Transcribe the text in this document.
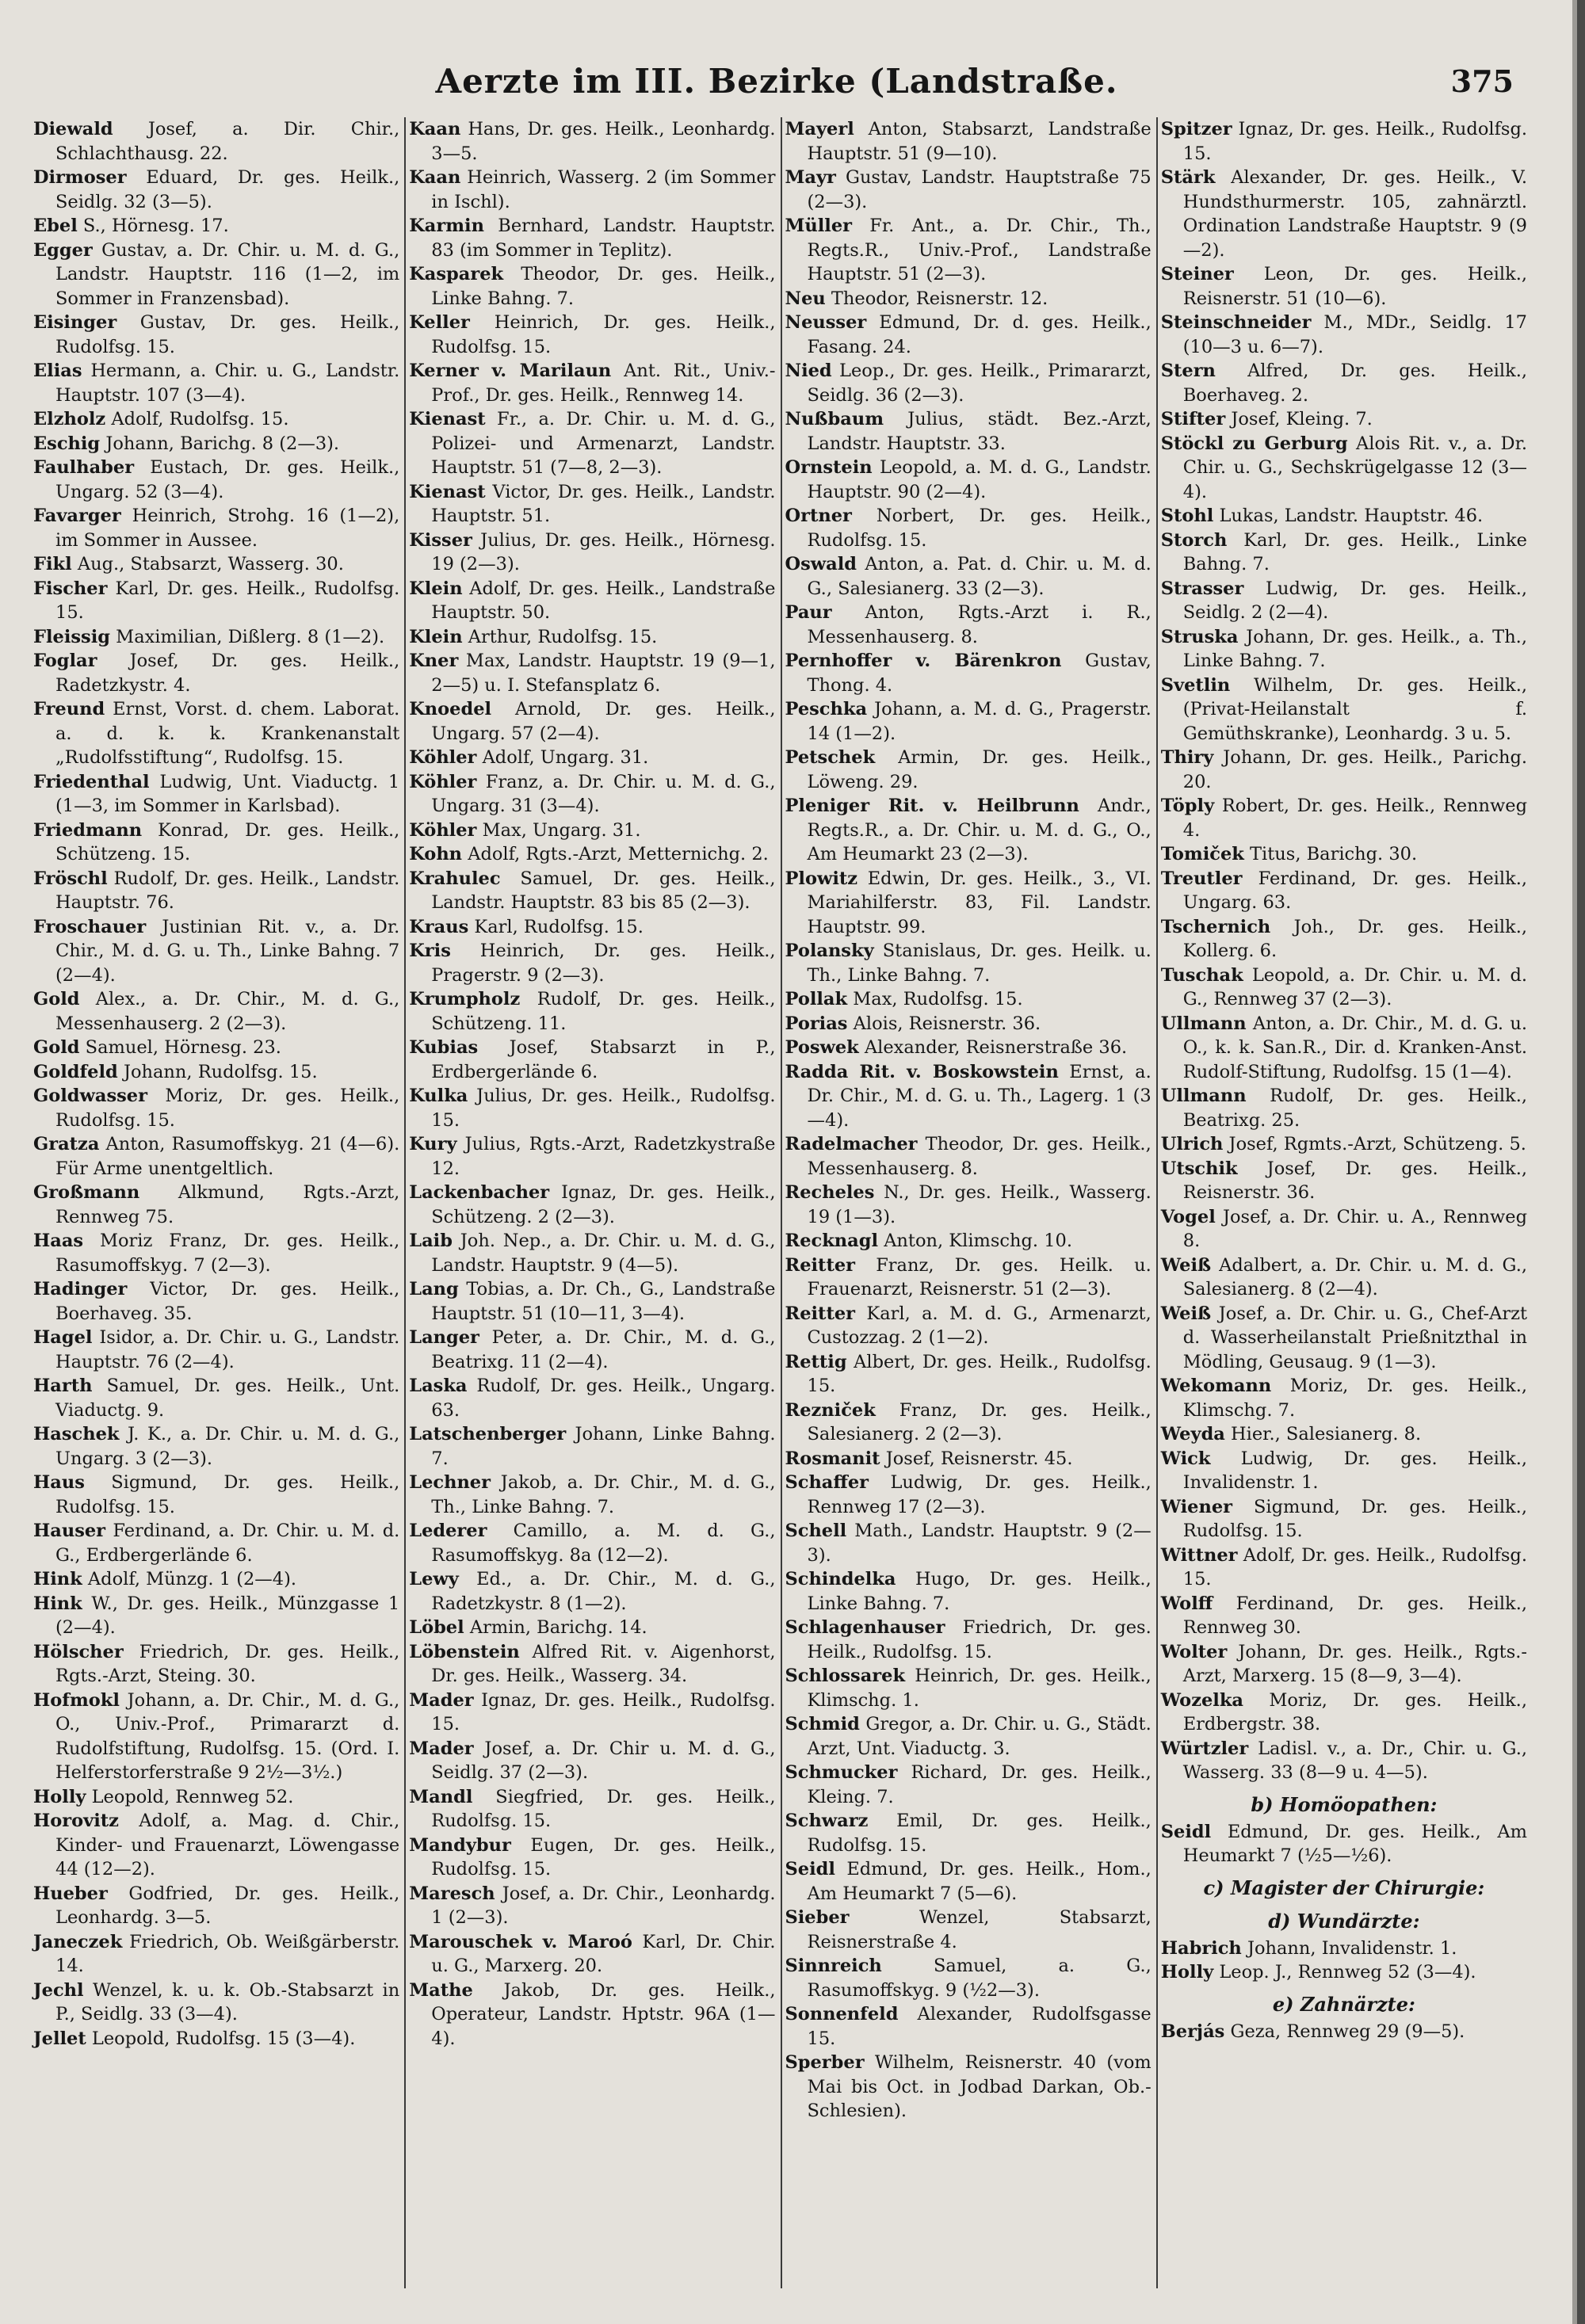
Aerzte im III. Bezirke (Landstraße.	375

Diewald Josef, a. Dir. Chir., Schlachthausg. 22.

Dirmoser Eduard, Dr. ges. Heilk., Seidlg. 32 (3—5).

Ebel S., Hörnesg. 17.

Egger Gustav, a. Dr. Chir. u. M. d. G., Landstr. Hauptstr. 116 (1—2, im Sommer in Franzensbad).

Eisinger Gustav, Dr. ges. Heilk., Rudolfsg. 15.

Elias Hermann, a. Chir. u. G., Landstr. Hauptstr. 107 (3—4).

Elzholz Adolf, Rudolfsg. 15.

Eschig Johann, Barichg. 8 (2—3).

Faulhaber Eustach, Dr. ges. Heilk., Ungarg. 52 (3—4).

Favarger Heinrich, Strohg. 16 (1—2), im Sommer in Aussee.

Fikl Aug., Stabsarzt, Wasserg. 30.

Fischer Karl, Dr. ges. Heilk., Rudolfsg. 15.

Fleissig Maximilian, Dißlerg. 8 (1—2).

Foglar Josef, Dr. ges. Heilk., Radetzkystr. 4.

Freund Ernst, Vorst. d. chem. Laborat. a. d. k. k. Krankenanstalt „Rudolfsstiftung“, Rudolfsg. 15.

Friedenthal Ludwig, Unt. Viaductg. 1 (1—3, im Sommer in Karlsbad).

Friedmann Konrad, Dr. ges. Heilk., Schützeng. 15.

Fröschl Rudolf, Dr. ges. Heilk., Landstr. Hauptstr. 76.

Froschauer Justinian Rit. v., a. Dr. Chir., M. d. G. u. Th., Linke Bahng. 7 (2—4).

Gold Alex., a. Dr. Chir., M. d. G., Messenhauserg. 2 (2—3).

Gold Samuel, Hörnesg. 23.

Goldfeld Johann, Rudolfsg. 15.

Goldwasser Moriz, Dr. ges. Heilk., Rudolfsg. 15.

Gratza Anton, Rasumoffskyg. 21 (4—6). Für Arme unentgeltlich.

Großmann Alkmund, Rgts.-Arzt, Rennweg 75.

Haas Moriz Franz, Dr. ges. Heilk., Rasumoffskyg. 7 (2—3).

Hadinger Victor, Dr. ges. Heilk., Boerhaveg. 35.

Hagel Isidor, a. Dr. Chir. u. G., Landstr. Hauptstr. 76 (2—4).

Harth Samuel, Dr. ges. Heilk., Unt. Viaductg. 9.

Haschek J. K., a. Dr. Chir. u. M. d. G., Ungarg. 3 (2—3).

Haus Sigmund, Dr. ges. Heilk., Rudolfsg. 15.

Hauser Ferdinand, a. Dr. Chir. u. M. d. G., Erdbergerlände 6.

Hink Adolf, Münzg. 1 (2—4).

Hink W., Dr. ges. Heilk., Münzgasse 1 (2—4).

Hölscher Friedrich, Dr. ges. Heilk., Rgts.-Arzt, Steing. 30.

Hofmokl Johann, a. Dr. Chir., M. d. G., O., Univ.-Prof., Primararzt d. Rudolfstiftung, Rudolfsg. 15. (Ord. I. Helferstorferstraße 9 2½—3½.)

Holly Leopold, Rennweg 52.

Horovitz Adolf, a. Mag. d. Chir., Kinder- und Frauenarzt, Löwengasse 44 (12—2).

Hueber Godfried, Dr. ges. Heilk., Leonhardg. 3—5.

Janeczek Friedrich, Ob. Weißgärberstr. 14.

Jechl Wenzel, k. u. k. Ob.-Stabsarzt in P., Seidlg. 33 (3—4).

Jellet Leopold, Rudolfsg. 15 (3—4).

Kaan Hans, Dr. ges. Heilk., Leonhardg. 3—5.

Kaan Heinrich, Wasserg. 2 (im Sommer in Ischl).

Karmin Bernhard, Landstr. Hauptstr. 83 (im Sommer in Teplitz).

Kasparek Theodor, Dr. ges. Heilk., Linke Bahng. 7.

Keller Heinrich, Dr. ges. Heilk., Rudolfsg. 15.

Kerner v. Marilaun Ant. Rit., Univ.-Prof., Dr. ges. Heilk., Rennweg 14.

Kienast Fr., a. Dr. Chir. u. M. d. G., Polizei- und Armenarzt, Landstr. Hauptstr. 51 (7—8, 2—3).

Kienast Victor, Dr. ges. Heilk., Landstr. Hauptstr. 51.

Kisser Julius, Dr. ges. Heilk., Hörnesg. 19 (2—3).

Klein Adolf, Dr. ges. Heilk., Landstraße Hauptstr. 50.

Klein Arthur, Rudolfsg. 15.

Kner Max, Landstr. Hauptstr. 19 (9—1, 2—5) u. I. Stefansplatz 6.

Knoedel Arnold, Dr. ges. Heilk., Ungarg. 57 (2—4).

Köhler Adolf, Ungarg. 31.

Köhler Franz, a. Dr. Chir. u. M. d. G., Ungarg. 31 (3—4).

Köhler Max, Ungarg. 31.

Kohn Adolf, Rgts.-Arzt, Metternichg. 2.

Krahulec Samuel, Dr. ges. Heilk., Landstr. Hauptstr. 83 bis 85 (2—3).

Kraus Karl, Rudolfsg. 15.

Kris Heinrich, Dr. ges. Heilk., Pragerstr. 9 (2—3).

Krumpholz Rudolf, Dr. ges. Heilk., Schützeng. 11.

Kubias Josef, Stabsarzt in P., Erdbergerlände 6.

Kulka Julius, Dr. ges. Heilk., Rudolfsg. 15.

Kury Julius, Rgts.-Arzt, Radetzkystraße 12.

Lackenbacher Ignaz, Dr. ges. Heilk., Schützeng. 2 (2—3).

Laib Joh. Nep., a. Dr. Chir. u. M. d. G., Landstr. Hauptstr. 9 (4—5).

Lang Tobias, a. Dr. Ch., G., Landstraße Hauptstr. 51 (10—11, 3—4).

Langer Peter, a. Dr. Chir., M. d. G., Beatrixg. 11 (2—4).

Laska Rudolf, Dr. ges. Heilk., Ungarg. 63.

Latschenberger Johann, Linke Bahng. 7.

Lechner Jakob, a. Dr. Chir., M. d. G., Th., Linke Bahng. 7.

Lederer Camillo, a. M. d. G., Rasumoffskyg. 8a (12—2).

Lewy Ed., a. Dr. Chir., M. d. G., Radetzkystr. 8 (1—2).

Löbel Armin, Barichg. 14.

Löbenstein Alfred Rit. v. Aigenhorst, Dr. ges. Heilk., Wasserg. 34.

Mader Ignaz, Dr. ges. Heilk., Rudolfsg. 15.

Mader Josef, a. Dr. Chir u. M. d. G., Seidlg. 37 (2—3).

Mandl Siegfried, Dr. ges. Heilk., Rudolfsg. 15.

Mandybur Eugen, Dr. ges. Heilk., Rudolfsg. 15.

Maresch Josef, a. Dr. Chir., Leonhardg. 1 (2—3).

Marouschek v. Maroó Karl, Dr. Chir. u. G., Marxerg. 20.

Mathe Jakob, Dr. ges. Heilk., Operateur, Landstr. Hptstr. 96A (1—4).

Mayerl Anton, Stabsarzt, Landstraße Hauptstr. 51 (9—10).

Mayr Gustav, Landstr. Hauptstraße 75 (2—3).

Müller Fr. Ant., a. Dr. Chir., Th., Regts.R., Univ.-Prof., Landstraße Hauptstr. 51 (2—3).

Neu Theodor, Reisnerstr. 12.

Neusser Edmund, Dr. d. ges. Heilk., Fasang. 24.

Nied Leop., Dr. ges. Heilk., Primararzt, Seidlg. 36 (2—3).

Nußbaum Julius, städt. Bez.-Arzt, Landstr. Hauptstr. 33.

Ornstein Leopold, a. M. d. G., Landstr. Hauptstr. 90 (2—4).

Ortner Norbert, Dr. ges. Heilk., Rudolfsg. 15.

Oswald Anton, a. Pat. d. Chir. u. M. d. G., Salesianerg. 33 (2—3).

Paur Anton, Rgts.-Arzt i. R., Messenhauserg. 8.

Pernhoffer v. Bärenkron Gustav, Thong. 4.

Peschka Johann, a. M. d. G., Pragerstr. 14 (1—2).

Petschek Armin, Dr. ges. Heilk., Löweng. 29.

Pleniger Rit. v. Heilbrunn Andr., Regts.R., a. Dr. Chir. u. M. d. G., O., Am Heumarkt 23 (2—3).

Plowitz Edwin, Dr. ges. Heilk., 3., VI. Mariahilferstr. 83, Fil. Landstr. Hauptstr. 99.

Polansky Stanislaus, Dr. ges. Heilk. u. Th., Linke Bahng. 7.

Pollak Max, Rudolfsg. 15.

Porias Alois, Reisnerstr. 36.

Poswek Alexander, Reisnerstraße 36.

Radda Rit. v. Boskowstein Ernst, a. Dr. Chir., M. d. G. u. Th., Lagerg. 1 (3—4).

Radelmacher Theodor, Dr. ges. Heilk., Messenhauserg. 8.

Recheles N., Dr. ges. Heilk., Wasserg. 19 (1—3).

Recknagl Anton, Klimschg. 10.

Reitter Franz, Dr. ges. Heilk. u. Frauenarzt, Reisnerstr. 51 (2—3).

Reitter Karl, a. M. d. G., Armenarzt, Custozzag. 2 (1—2).

Rettig Albert, Dr. ges. Heilk., Rudolfsg. 15.

Rezniček Franz, Dr. ges. Heilk., Salesianerg. 2 (2—3).

Rosmanit Josef, Reisnerstr. 45.

Schaffer Ludwig, Dr. ges. Heilk., Rennweg 17 (2—3).

Schell Math., Landstr. Hauptstr. 9 (2—3).

Schindelka Hugo, Dr. ges. Heilk., Linke Bahng. 7.

Schlagenhauser Friedrich, Dr. ges. Heilk., Rudolfsg. 15.

Schlossarek Heinrich, Dr. ges. Heilk., Klimschg. 1.

Schmid Gregor, a. Dr. Chir. u. G., Städt. Arzt, Unt. Viaductg. 3.

Schmucker Richard, Dr. ges. Heilk., Kleing. 7.

Schwarz Emil, Dr. ges. Heilk., Rudolfsg. 15.

Seidl Edmund, Dr. ges. Heilk., Hom., Am Heumarkt 7 (5—6).

Sieber	Wenzel, Stabsarzt, Reisnerstraße 4.

Sinnreich	Samuel, a. G., Rasumoffskyg. 9 (½2—3).

Sonnenfeld Alexander, Rudolfsgasse 15.

Sperber Wilhelm, Reisnerstr. 40 (vom Mai bis Oct. in Jodbad Darkan, Ob.-Schlesien).

Spitzer Ignaz, Dr. ges. Heilk., Rudolfsg. 15.

Stärk Alexander, Dr. ges. Heilk., V. Hundsthurmerstr. 105, zahnärztl. Ordination Landstraße Hauptstr. 9 (9—2).

Steiner Leon, Dr. ges. Heilk., Reisnerstr. 51 (10—6).

Steinschneider M., MDr., Seidlg. 17 (10—3 u. 6—7).

Stern Alfred, Dr. ges. Heilk., Boerhaveg. 2.

Stifter Josef, Kleing. 7.

Stöckl zu Gerburg Alois Rit. v., a. Dr. Chir. u. G., Sechskrügelgasse 12 (3—4).

Stohl Lukas, Landstr. Hauptstr. 46.

Storch Karl, Dr. ges. Heilk., Linke Bahng. 7.

Strasser Ludwig, Dr. ges. Heilk., Seidlg. 2 (2—4).

Struska Johann, Dr. ges. Heilk., a. Th., Linke Bahng. 7.

Svetlin Wilhelm, Dr. ges. Heilk., (Privat-Heilanstalt f. Gemüthskranke), Leonhardg. 3 u. 5.

Thiry Johann, Dr. ges. Heilk., Parichg. 20.

Töply Robert, Dr. ges. Heilk., Rennweg 4.

Tomiček Titus, Barichg. 30.

Treutler Ferdinand, Dr. ges. Heilk., Ungarg. 63.

Tschernich Joh., Dr. ges. Heilk., Kollerg. 6.

Tuschak Leopold, a. Dr. Chir. u. M. d. G., Rennweg 37 (2—3).

Ullmann Anton, a. Dr. Chir., M. d. G. u. O., k. k. San.R., Dir. d. Kranken-Anst. Rudolf-Stiftung, Rudolfsg. 15 (1—4).

Ullmann Rudolf, Dr. ges. Heilk., Beatrixg. 25.

Ulrich Josef, Rgmts.-Arzt, Schützeng. 5.

Utschik Josef, Dr. ges. Heilk., Reisnerstr. 36.

Vogel Josef, a. Dr. Chir. u. A., Rennweg 8.

Weiß Adalbert, a. Dr. Chir. u. M. d. G., Salesianerg. 8 (2—4).

Weiß Josef, a. Dr. Chir. u. G., Chef-Arzt d. Wasserheilanstalt Prießnitzthal in Mödling, Geusaug. 9 (1—3).

Wekomann Moriz, Dr. ges. Heilk., Klimschg. 7.

Weyda Hier., Salesianerg. 8.

Wick Ludwig, Dr. ges. Heilk., Invalidenstr. 1.

Wiener Sigmund, Dr. ges. Heilk., Rudolfsg. 15.

Wittner Adolf, Dr. ges. Heilk., Rudolfsg. 15.

Wolff Ferdinand, Dr. ges. Heilk., Rennweg 30.

Wolter Johann, Dr. ges. Heilk., Rgts.-Arzt, Marxerg. 15 (8—9, 3—4).

Wozelka Moriz, Dr. ges. Heilk., Erdbergstr. 38.

Würtzler Ladisl. v., a. Dr., Chir. u. G., Wasserg. 33 (8—9 u. 4—5).

b) Homöopathen:

Seidl Edmund, Dr. ges. Heilk., Am Heumarkt 7 (½5—½6).

c) Magister der Chirurgie:
d) Wundärzte:

Habrich Johann, Invalidenstr. 1.

Holly Leop. J., Rennweg 52 (3—4).

e) Zahnärzte:

Berjás Geza, Rennweg 29 (9—5).
